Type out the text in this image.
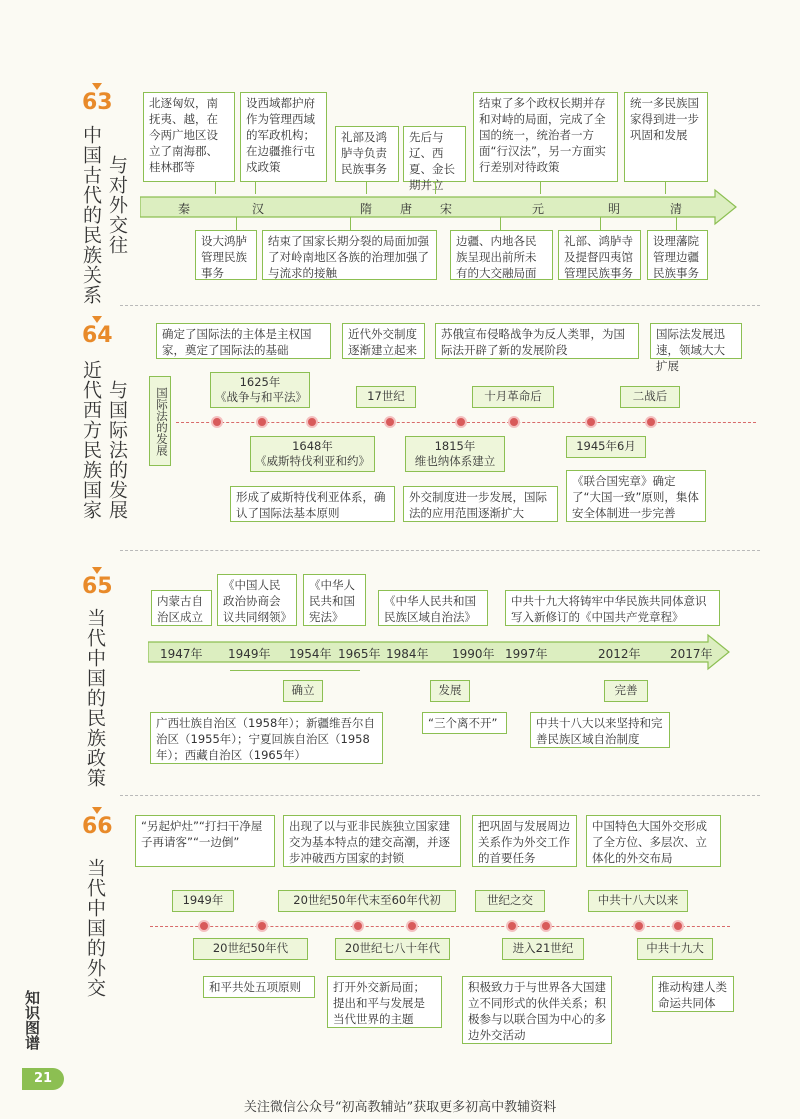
63
与对外交往
中国古代的民族关系
北逐匈奴，南抚夷、越，在今两广地区设立了南海郡、桂林郡等
设西域都护府作为管理西域的军政机构；在边疆推行屯戍政策
礼部及鸿胪寺负责民族事务
先后与辽、西夏、金长期并立
结束了多个政权长期并存和对峙的局面，完成了全国的统一，统治者一方面“行汉法”，另一方面实行差别对待政策
统一多民族国家得到进一步巩固和发展
秦	汉	隋 唐 宋	元	明	清
设大鸿胪管理民族事务
结束了国家长期分裂的局面加强了对岭南地区各族的治理加强了与流求的接触
边疆、内地各民族呈现出前所未有的大交融局面
礼部、鸿胪寺及提督四夷馆管理民族事务
设理藩院管理边疆民族事务
64
与国际法的发展
近代西方民族国家	国际法的发展
确定了国际法的主体是主权国家，奠定了国际法的基础
近代外交制度逐渐建立起来
苏俄宣布侵略战争为反人类罪，为国际法开辟了新的发展阶段
国际法发展迅速，领域大大扩展
1625年
《战争与和平法》	17世纪	十月革命后	二战后
1648年
《威斯特伐利亚和约》
1815年
维也纳体系建立
1945年6月
形成了威斯特伐利亚体系，确认了国际法基本原则
外交制度进一步发展，国际法的应用范围逐渐扩大
《联合国宪章》确定了“大国一致”原则，集体安全体制进一步完善
65
当代中国的民族政策
内蒙古自治区成立
《中国人民政治协商会议共同纲领》
《中华人民共和国宪法》
《中华人民共和国民族区域自治法》
中共十九大将铸牢中华民族共同体意识写入新修订的《中国共产党章程》
1947年 1949年 1954年 1965年 1984年 1990年 1997年	2012年 2017年
确立	发展	完善
广西壮族自治区（1958年）；新疆维吾尔自治区（1955年）；宁夏回族自治区（1958年）；西藏自治区（1965年）
“三个离不开”	中共十八大以来坚持和完善民族区域自治制度
66
当代中国的外交
“另起炉灶”“打扫干净屋子再请客”“一边倒”
出现了以与亚非民族独立国家建交为基本特点的建交高潮，并逐步冲破西方国家的封锁
把巩固与发展周边关系作为外交工作的首要任务
中国特色大国外交形成了全方位、多层次、立体化的外交布局
1949年	20世纪50年代末至60年代初	世纪之交	中共十八大以来
20世纪50年代	20世纪七八十年代	进入21世纪	中共十九大
和平共处五项原则	打开外交新局面；提出和平与发展是当代世界的主题
积极致力于与世界各大国建立不同形式的伙伴关系；积极参与以联合国为中心的多边外交活动
推动构建人类命运共同体
知识图谱
21
关注微信公众号“初高教辅站”获取更多初高中教辅资料
